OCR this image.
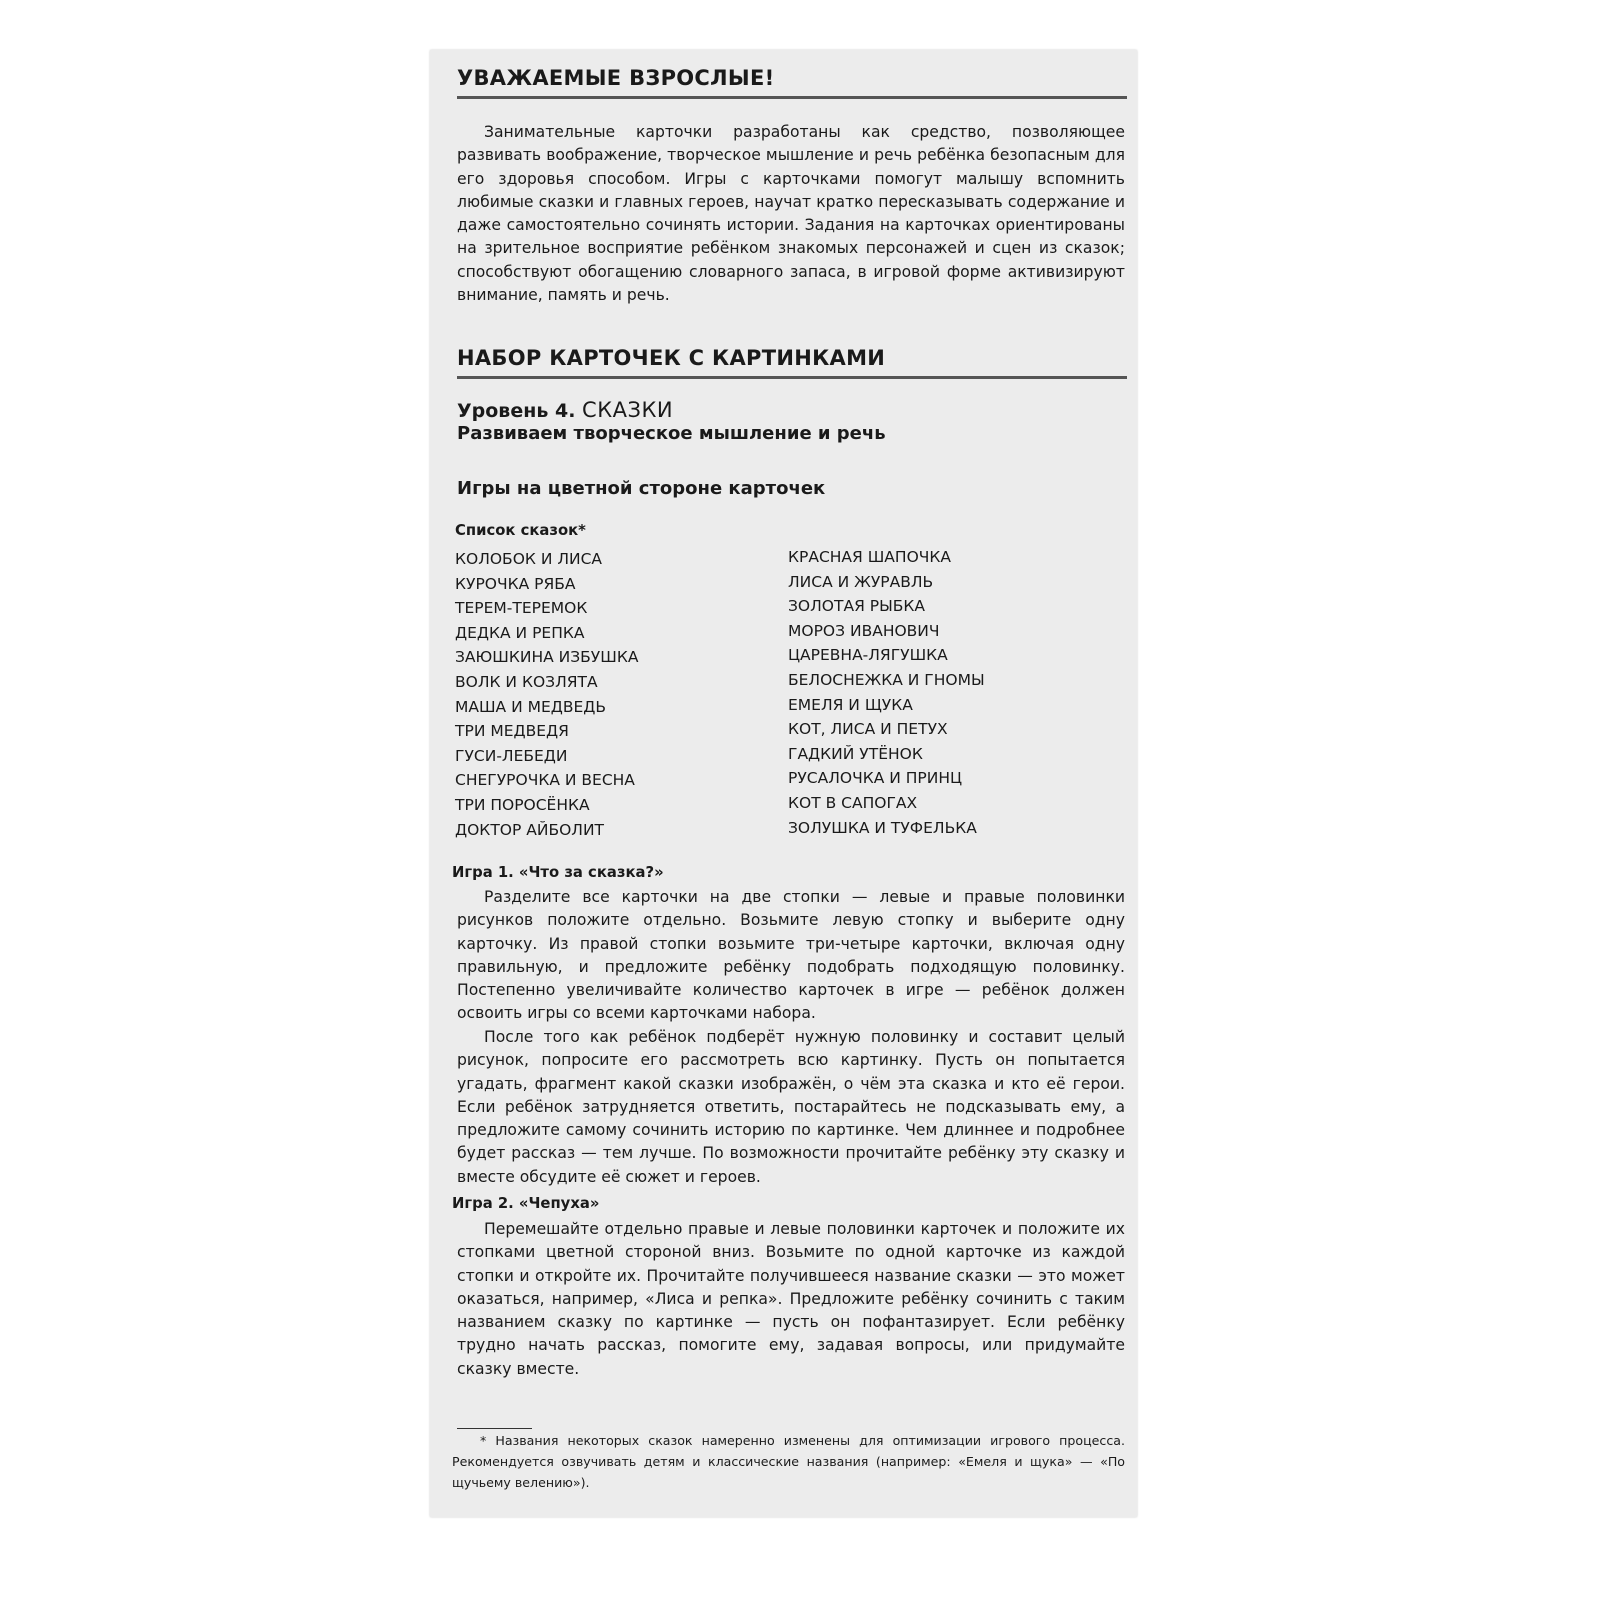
УВАЖАЕМЫЕ ВЗРОСЛЫЕ!

Занимательные карточки разработаны как средство, позволяющее развивать воображение, творческое мышление и речь ребёнка безопасным для его здоровья способом. Игры с карточками помогут малышу вспомнить любимые сказки и главных героев, научат кратко пересказывать содержание и даже самостоятельно сочинять истории. Задания на карточках ориентированы на зрительное восприятие ребёнком знакомых персонажей и сцен из сказок; способствуют обогащению словарного запаса, в игровой форме активизируют внимание, память и речь.

НАБОР КАРТОЧЕК С КАРТИНКАМИ
Уровень 4. СКАЗКИ
Развиваем творческое мышление и речь
Игры на цветной стороне карточек
Список сказок*
КОЛОБОК И ЛИСА
КУРОЧКА РЯБА
ТЕРЕМ-ТЕРЕМОК
ДЕДКА И РЕПКА
ЗАЮШКИНА ИЗБУШКА
ВОЛК И КОЗЛЯТА
МАША И МЕДВЕДЬ
ТРИ МЕДВЕДЯ
ГУСИ-ЛЕБЕДИ
СНЕГУРОЧКА И ВЕСНА
ТРИ ПОРОСЁНКА
ДОКТОР АЙБОЛИТ
КРАСНАЯ ШАПОЧКА
ЛИСА И ЖУРАВЛЬ
ЗОЛОТАЯ РЫБКА
МОРОЗ ИВАНОВИЧ
ЦАРЕВНА-ЛЯГУШКА
БЕЛОСНЕЖКА И ГНОМЫ
ЕМЕЛЯ И ЩУКА
КОТ, ЛИСА И ПЕТУХ
ГАДКИЙ УТЁНОК
РУСАЛОЧКА И ПРИНЦ
КОТ В САПОГАХ
ЗОЛУШКА И ТУФЕЛЬКА
Игра 1. «Что за сказка?»

Разделите все карточки на две стопки — левые и правые половинки рисунков положите отдельно. Возьмите левую стопку и выберите одну карточку. Из правой стопки возьмите три-четыре карточки, включая одну правильную, и предложите ребёнку подобрать подходящую половинку. Постепенно увеличивайте количество карточек в игре — ребёнок должен освоить игры со всеми карточками набора.

После того как ребёнок подберёт нужную половинку и составит целый рисунок, попросите его рассмотреть всю картинку. Пусть он попытается угадать, фрагмент какой сказки изображён, о чём эта сказка и кто её герои. Если ребёнок затрудняется ответить, постарайтесь не подсказывать ему, а предложите самому сочинить историю по картинке. Чем длиннее и подробнее будет рассказ — тем лучше. По возможности прочитайте ребёнку эту сказку и вместе обсудите её сюжет и героев.

Игра 2. «Чепуха»

Перемешайте отдельно правые и левые половинки карточек и положите их стопками цветной стороной вниз. Возьмите по одной карточке из каждой стопки и откройте их. Прочитайте получившееся название сказки — это может оказаться, например, «Лиса и репка». Предложите ребёнку сочинить с таким названием сказку по картинке — пусть он пофантазирует. Если ребёнку трудно начать рассказ, помогите ему, задавая вопросы, или придумайте сказку вместе.

* Названия некоторых сказок намеренно изменены для оптимизации игрового процесса. Рекомендуется озвучивать детям и классические названия (например: «Емеля и щука» — «По щучьему велению»).
